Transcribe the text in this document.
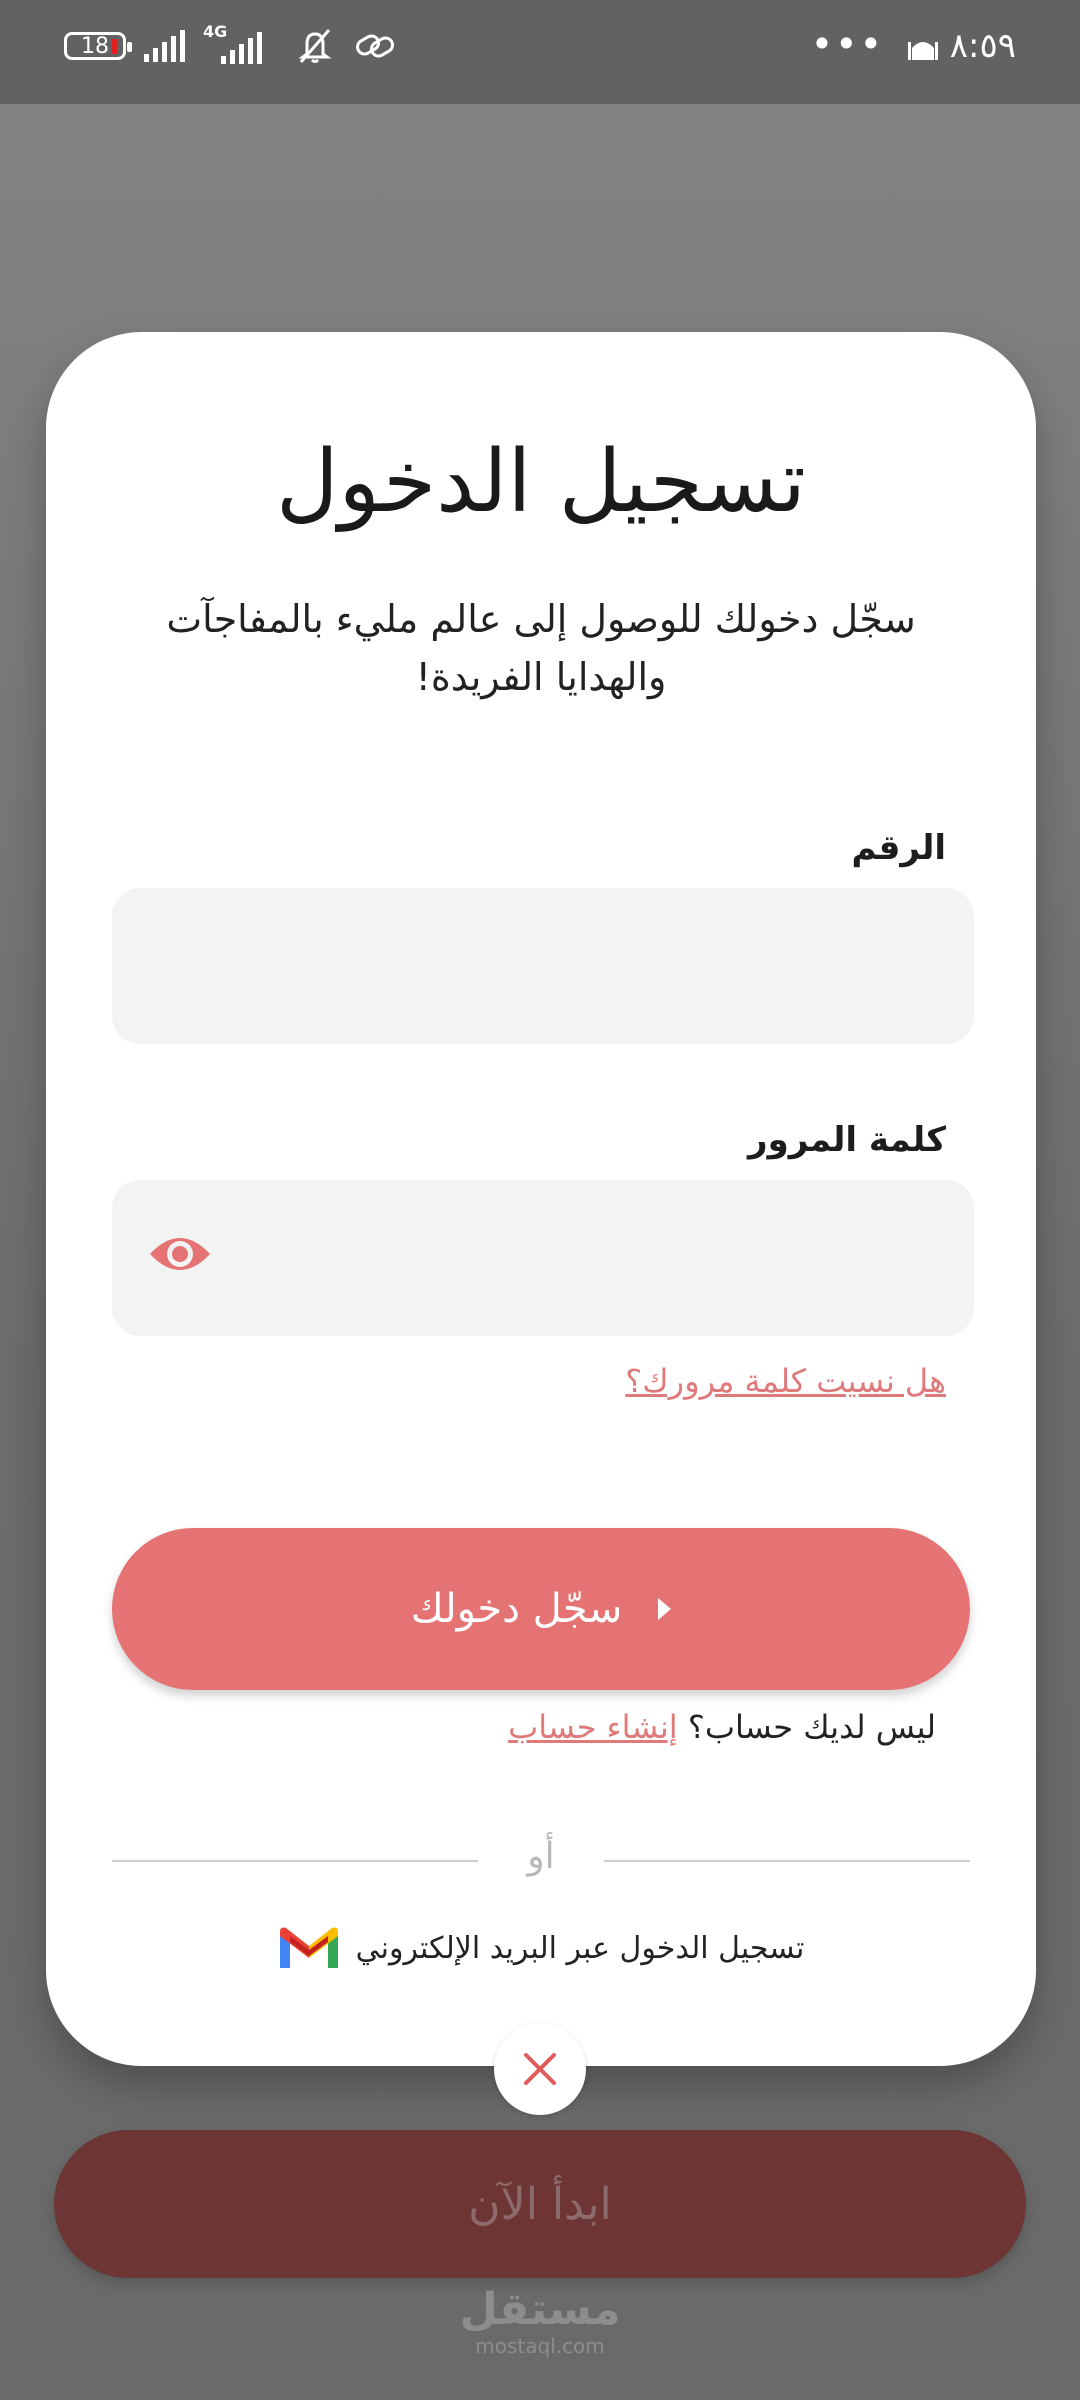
18
4G	••• ٨:٥٩
ابدأ الآن
مستقل
mostaql.com
تسجيل الدخول
سجّل دخولك للوصول إلى عالم مليء بالمفاجآت
والهدايا الفريدة!
الرقم
كلمة المرور
هل نسيت كلمة مرورك؟
سجّل دخولك
ليس لديك حساب؟ إنشاء حساب
أو
تسجيل الدخول عبر البريد الإلكتروني
